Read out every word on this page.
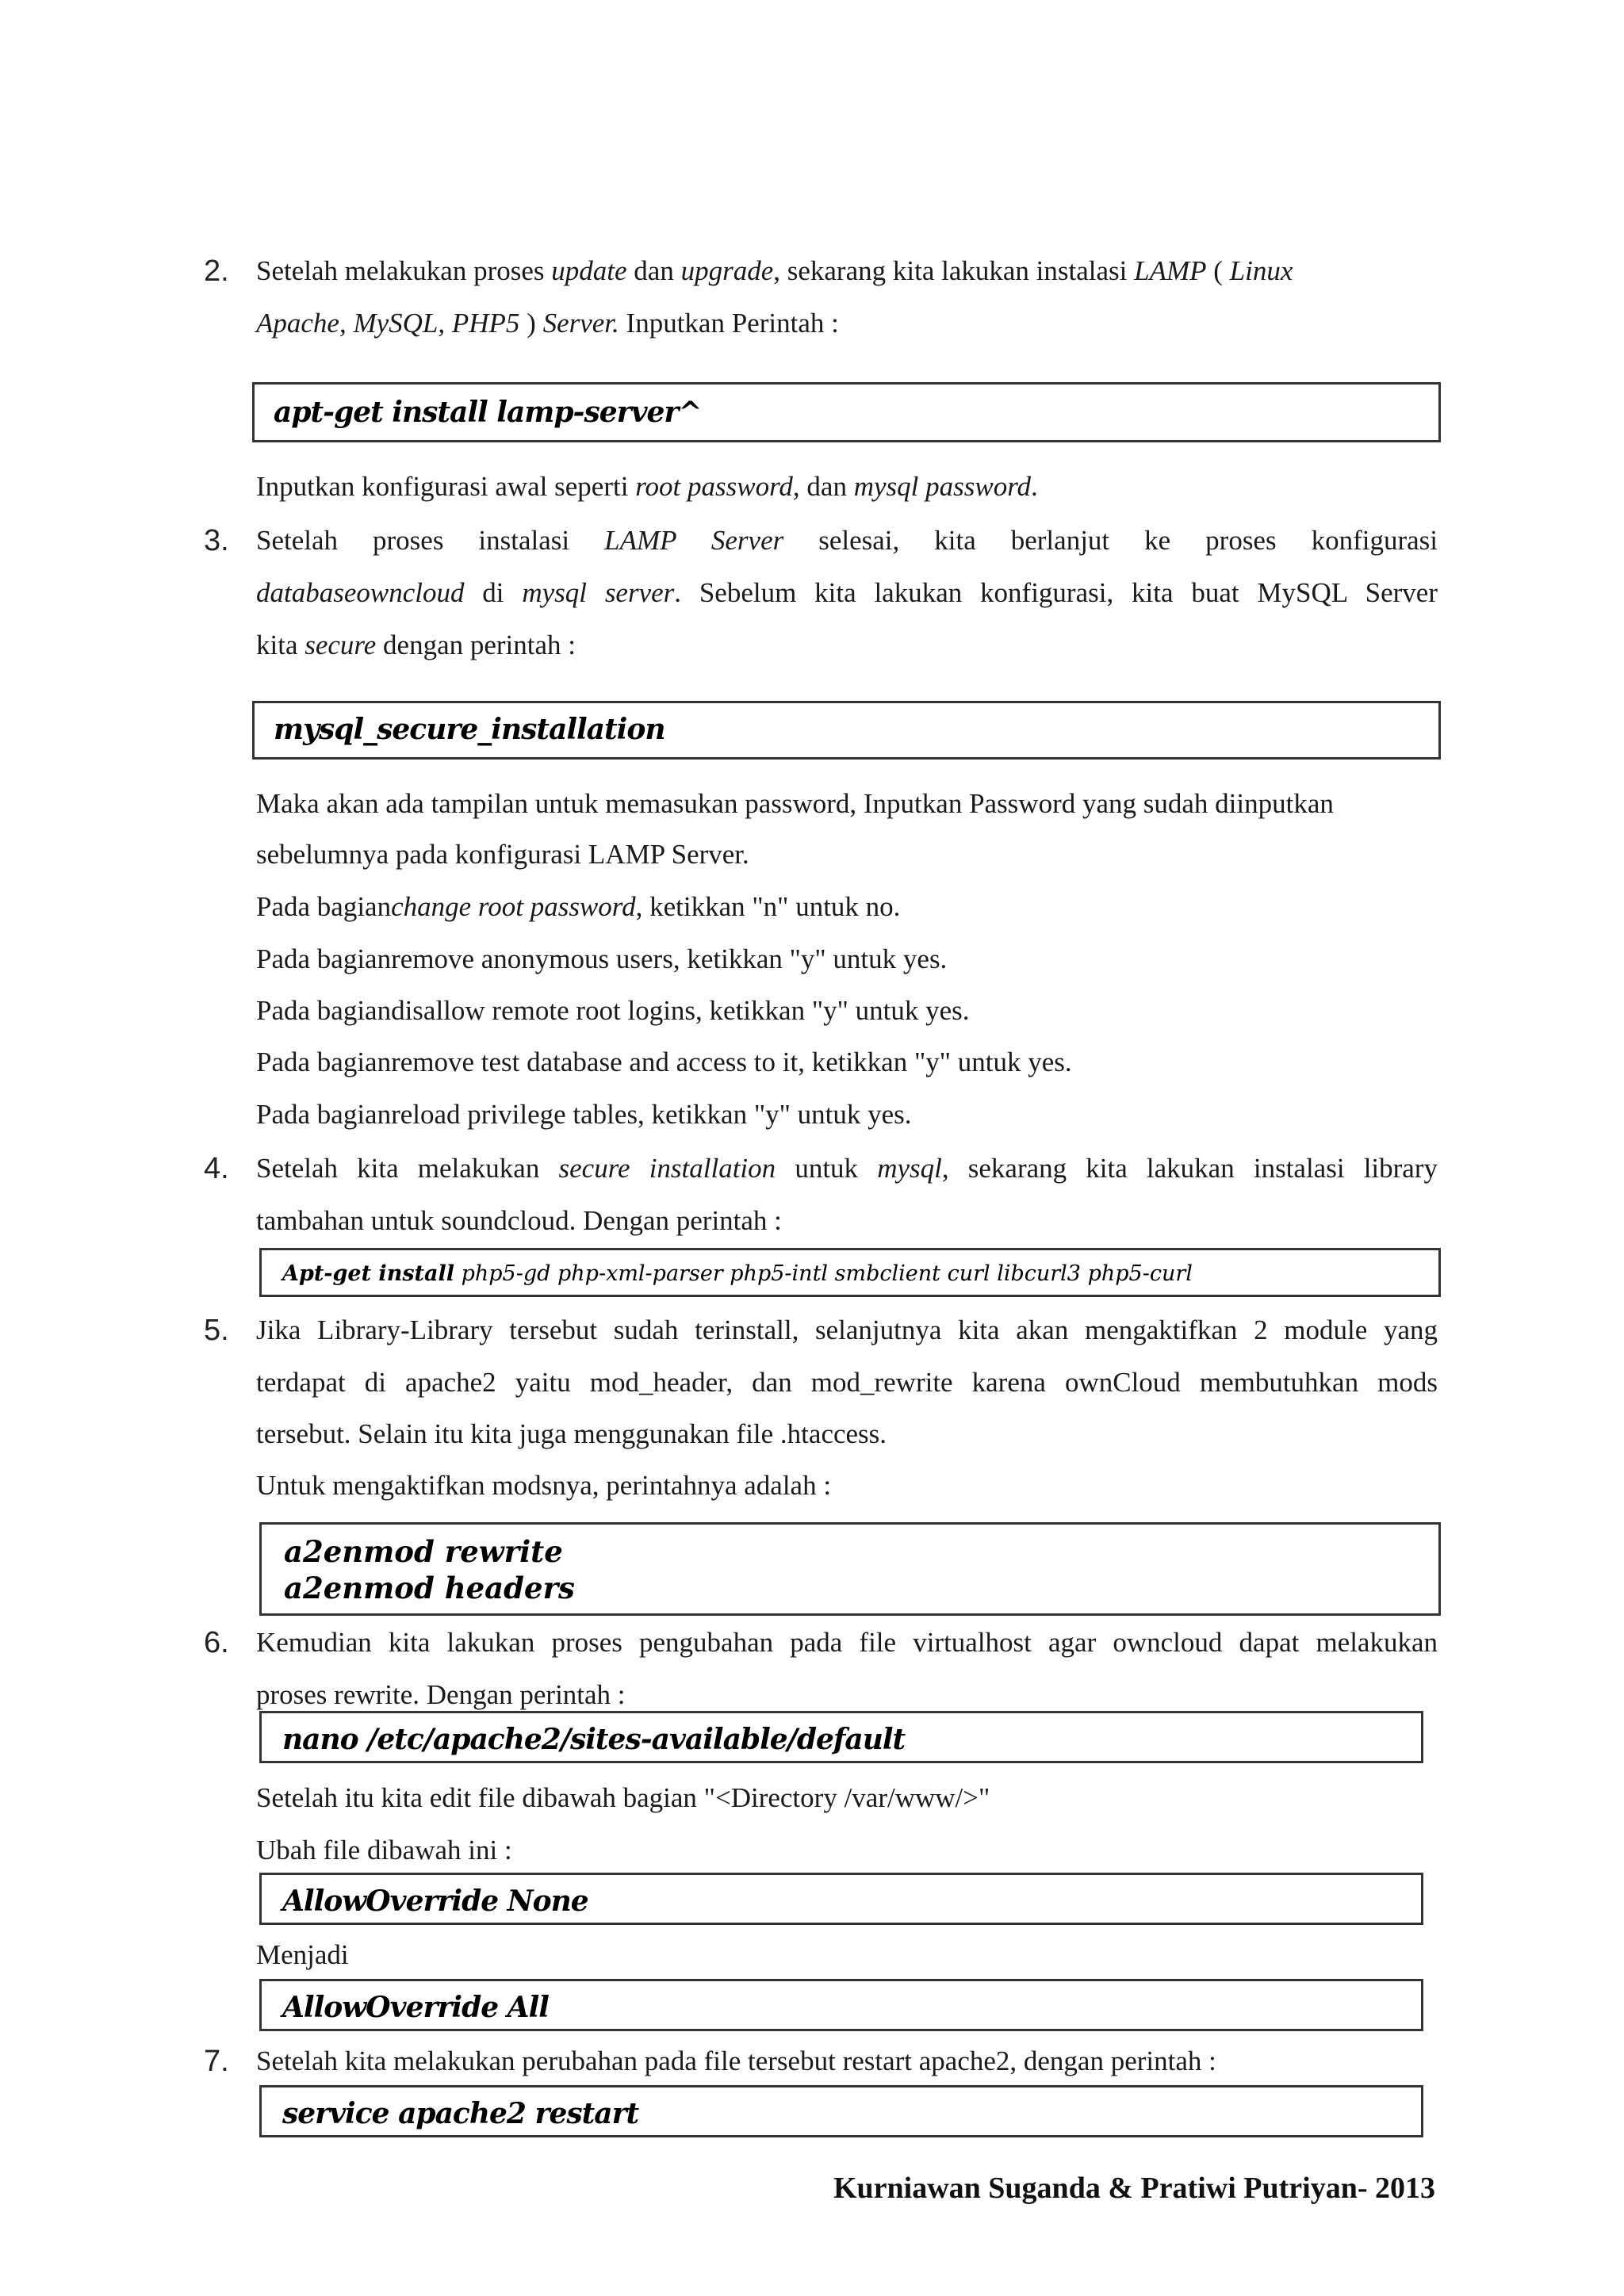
2. Setelah melakukan proses update dan upgrade, sekarang kita lakukan instalasi LAMP ( Linux
Apache, MySQL, PHP5 ) Server. Inputkan Perintah :
apt-get install lamp-server^
Inputkan konfigurasi awal seperti root password, dan mysql password.
3. Setelah proses instalasi LAMP Server selesai, kita berlanjut ke proses konfigurasi
databaseowncloud di mysql server. Sebelum kita lakukan konfigurasi, kita buat MySQL Server
kita secure dengan perintah :
mysql_secure_installation
Maka akan ada tampilan untuk memasukan password, Inputkan Password yang sudah diinputkan
sebelumnya pada konfigurasi LAMP Server.
Pada bagianchange root password, ketikkan "n" untuk no.
Pada bagianremove anonymous users, ketikkan "y" untuk yes.
Pada bagiandisallow remote root logins, ketikkan "y" untuk yes.
Pada bagianremove test database and access to it, ketikkan "y" untuk yes.
Pada bagianreload privilege tables, ketikkan "y" untuk yes.
4. Setelah kita melakukan secure installation untuk mysql, sekarang kita lakukan instalasi library
tambahan untuk soundcloud. Dengan perintah :
Apt-get install php5-gd php-xml-parser php5-intl smbclient curl libcurl3 php5-curl
5. Jika Library-Library tersebut sudah terinstall, selanjutnya kita akan mengaktifkan 2 module yang
terdapat di apache2 yaitu mod_header, dan mod_rewrite karena ownCloud membutuhkan mods
tersebut. Selain itu kita juga menggunakan file .htaccess.
Untuk mengaktifkan modsnya, perintahnya adalah :
a2enmod rewrite
a2enmod headers
6. Kemudian kita lakukan proses pengubahan pada file virtualhost agar owncloud dapat melakukan
proses rewrite. Dengan perintah :
nano /etc/apache2/sites-available/default
Setelah itu kita edit file dibawah bagian "<Directory /var/www/>"
Ubah file dibawah ini :
AllowOverride None
Menjadi
AllowOverride All
7. Setelah kita melakukan perubahan pada file tersebut restart apache2, dengan perintah :
service apache2 restart
Kurniawan Suganda & Pratiwi Putriyan- 2013
